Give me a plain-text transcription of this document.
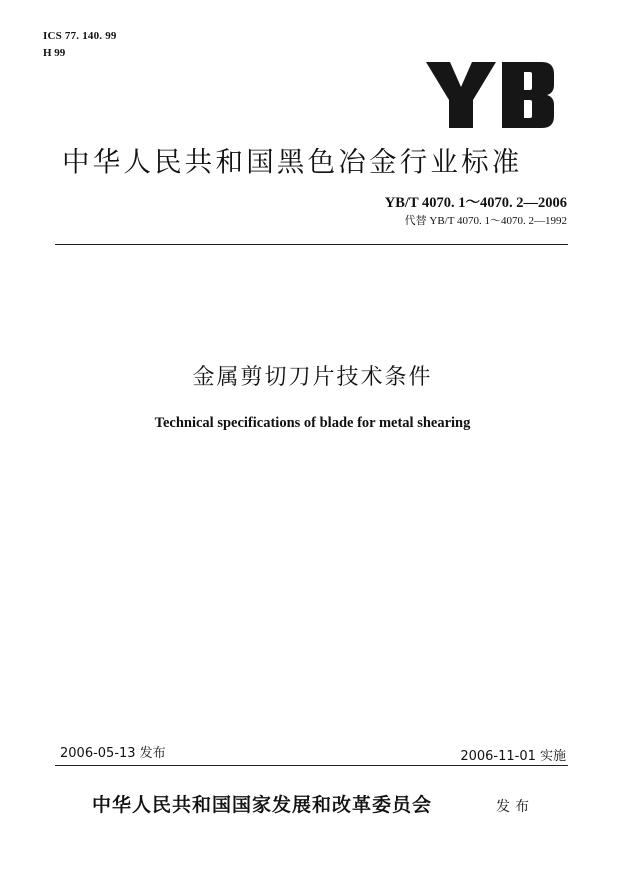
ICS 77. 140. 99
H 99
中华人民共和国黑色冶金行业标准
YB/T 4070. 1～4070. 2—2006
代替 YB/T 4070. 1～4070. 2—1992
金属剪切刀片技术条件
Technical specifications of blade for metal shearing
2006-05-13 发布	2006-11-01 实施
中华人民共和国国家发展和改革委员会	发布
